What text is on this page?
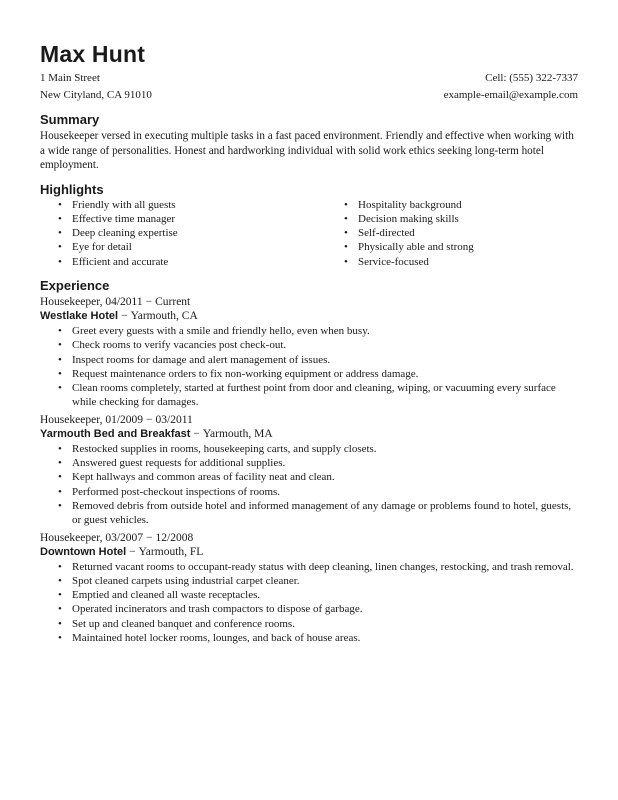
Max Hunt
1 Main Street	Cell: (555) 322-7337
New Cityland, CA 91010	example-email@example.com
Summary
Housekeeper versed in executing multiple tasks in a fast paced environment. Friendly and effective when working with a wide range of personalities. Honest and hardworking individual with solid work ethics seeking long-term hotel employment.
Highlights
• Friendly with all guests
• Effective time manager
• Deep cleaning expertise
• Eye for detail
• Efficient and accurate
• Hospitality background
• Decision making skills
• Self-directed
• Physically able and strong
• Service-focused
Experience
Housekeeper, 04/2011 − Current
Westlake Hotel − Yarmouth, CA
• Greet every guests with a smile and friendly hello, even when busy.
• Check rooms to verify vacancies post check-out.
• Inspect rooms for damage and alert management of issues.
• Request maintenance orders to fix non-working equipment or address damage.
• Clean rooms completely, started at furthest point from door and cleaning, wiping, or vacuuming every surface while checking for damages.
Housekeeper, 01/2009 − 03/2011
Yarmouth Bed and Breakfast − Yarmouth, MA
• Restocked supplies in rooms, housekeeping carts, and supply closets.
• Answered guest requests for additional supplies.
• Kept hallways and common areas of facility neat and clean.
• Performed post-checkout inspections of rooms.
• Removed debris from outside hotel and informed management of any damage or problems found to hotel, guests, or guest vehicles.
Housekeeper, 03/2007 − 12/2008
Downtown Hotel − Yarmouth, FL
• Returned vacant rooms to occupant-ready status with deep cleaning, linen changes, restocking, and trash removal.
• Spot cleaned carpets using industrial carpet cleaner.
• Emptied and cleaned all waste receptacles.
• Operated incinerators and trash compactors to dispose of garbage.
• Set up and cleaned banquet and conference rooms.
• Maintained hotel locker rooms, lounges, and back of house areas.
